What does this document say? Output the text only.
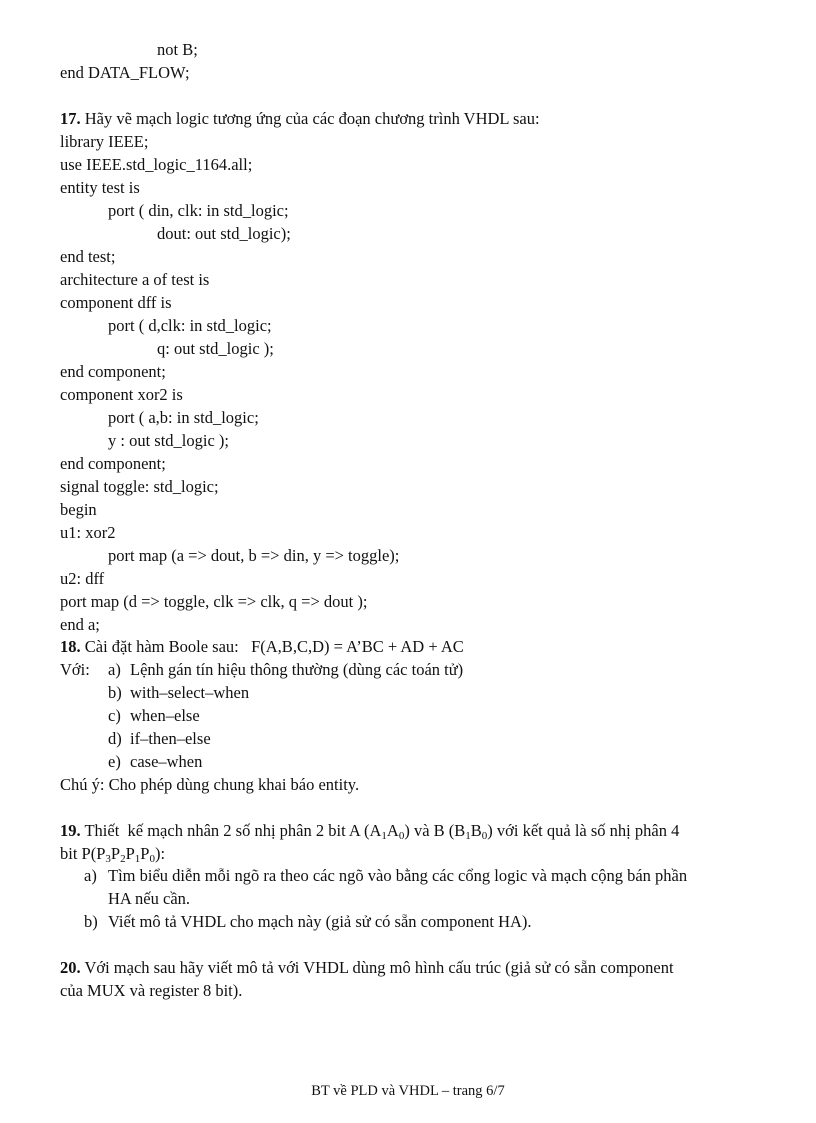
not B;
end DATA_FLOW;
17. Hãy vẽ mạch logic tương ứng của các đoạn chương trình VHDL sau:
library IEEE;
use IEEE.std_logic_1164.all;
entity test is
port ( din, clk: in std_logic;
dout: out std_logic);
end test;
architecture a of test is
component dff is
port ( d,clk: in std_logic;
q: out std_logic );
end component;
component xor2 is
port ( a,b: in std_logic;
y : out std_logic );
end component;
signal toggle: std_logic;
begin
u1: xor2
port map (a => dout, b => din, y => toggle);
u2: dff
port map (d => toggle, clk => clk, q => dout );
end a;
18. Cài đặt hàm Boole sau:   F(A,B,C,D) = A’BC + AD + AC
Với: a) Lệnh gán tín hiệu thông thường (dùng các toán tử)
b) with–select–when
c) when–else
d) if–then–else
e) case–when
Chú ý: Cho phép dùng chung khai báo entity.
19. Thiết  kế mạch nhân 2 số nhị phân 2 bit A $(A_1A_0)$ và B $(B_1B_0)$ với kết quả là số nhị phân 4
bit $P(P_3P_2P_1P_0)$:
a) Tìm biểu diễn mỗi ngõ ra theo các ngõ vào bằng các cổng logic và mạch cộng bán phần
HA nếu cần.
b) Viết mô tả VHDL cho mạch này (giả sử có sẵn component HA).
20. Với mạch sau hãy viết mô tả với VHDL dùng mô hình cấu trúc (giả sử có sẵn component
của MUX và register 8 bit).
BT về PLD và VHDL – trang 6/7
